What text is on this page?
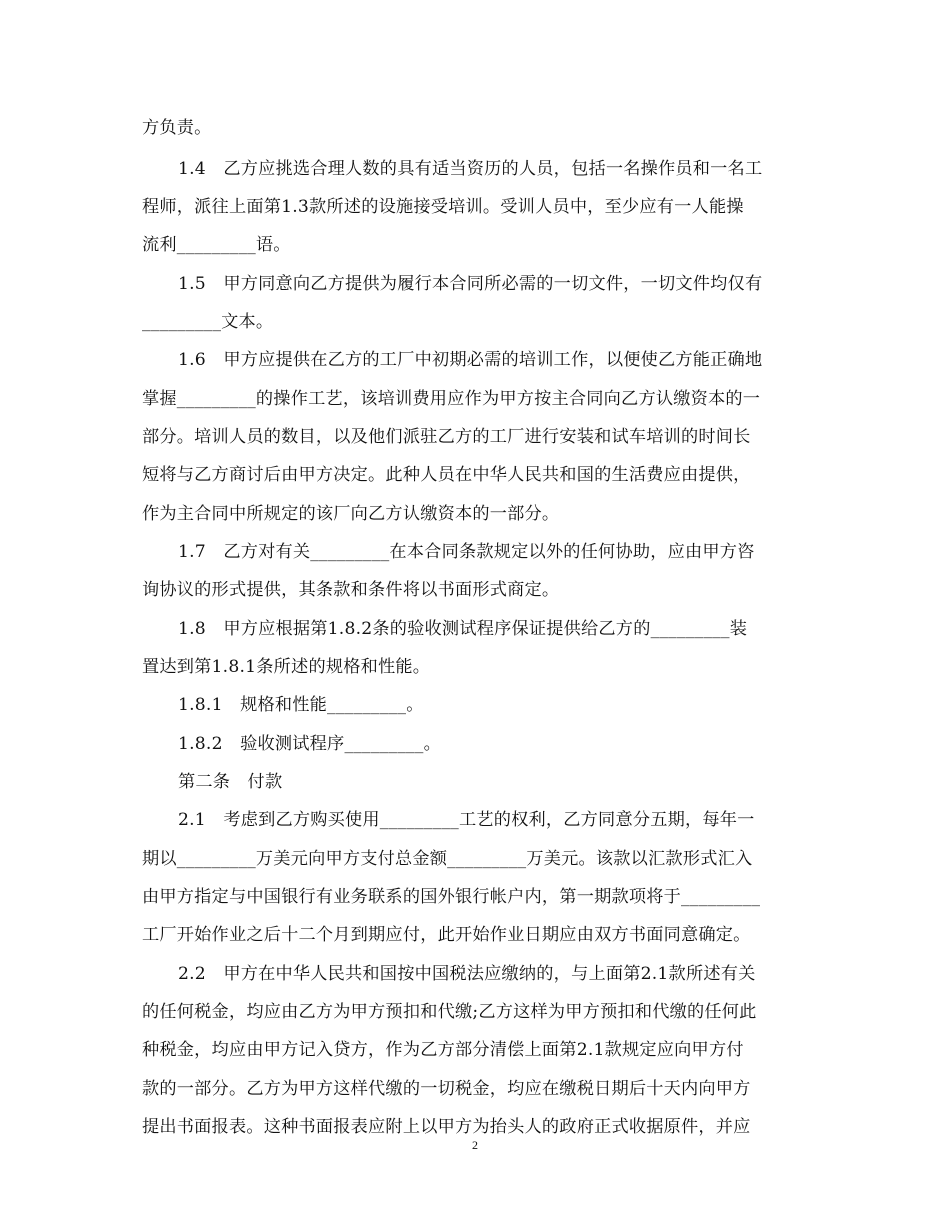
方负责。
1.4　乙方应挑选合理人数的具有适当资历的人员，包括一名操作员和一名工
程师，派往上面第1.3款所述的设施接受培训。受训人员中，至少应有一人能操
流利_________语。
1.5　甲方同意向乙方提供为履行本合同所必需的一切文件，一切文件均仅有
_________文本。
1.6　甲方应提供在乙方的工厂中初期必需的培训工作，以便使乙方能正确地
掌握_________的操作工艺，该培训费用应作为甲方按主合同向乙方认缴资本的一
部分。培训人员的数目，以及他们派驻乙方的工厂进行安装和试车培训的时间长
短将与乙方商讨后由甲方决定。此种人员在中华人民共和国的生活费应由提供，
作为主合同中所规定的该厂向乙方认缴资本的一部分。
1.7　乙方对有关_________在本合同条款规定以外的任何协助，应由甲方咨
询协议的形式提供，其条款和条件将以书面形式商定。
1.8　甲方应根据第1.8.2条的验收测试程序保证提供给乙方的_________装
置达到第1.8.1条所述的规格和性能。
1.8.1　规格和性能_________。
1.8.2　验收测试程序_________。
第二条　付款
2.1　考虑到乙方购买使用_________工艺的权利，乙方同意分五期，每年一
期以_________万美元向甲方支付总金额_________万美元。该款以汇款形式汇入
由甲方指定与中国银行有业务联系的国外银行帐户内，第一期款项将于_________
工厂开始作业之后十二个月到期应付，此开始作业日期应由双方书面同意确定。
2.2　甲方在中华人民共和国按中国税法应缴纳的，与上面第2.1款所述有关
的任何税金，均应由乙方为甲方预扣和代缴;乙方这样为甲方预扣和代缴的任何此
种税金，均应由甲方记入贷方，作为乙方部分清偿上面第2.1款规定应向甲方付
款的一部分。乙方为甲方这样代缴的一切税金，均应在缴税日期后十天内向甲方
提出书面报表。这种书面报表应附上以甲方为抬头人的政府正式收据原件，并应
2
